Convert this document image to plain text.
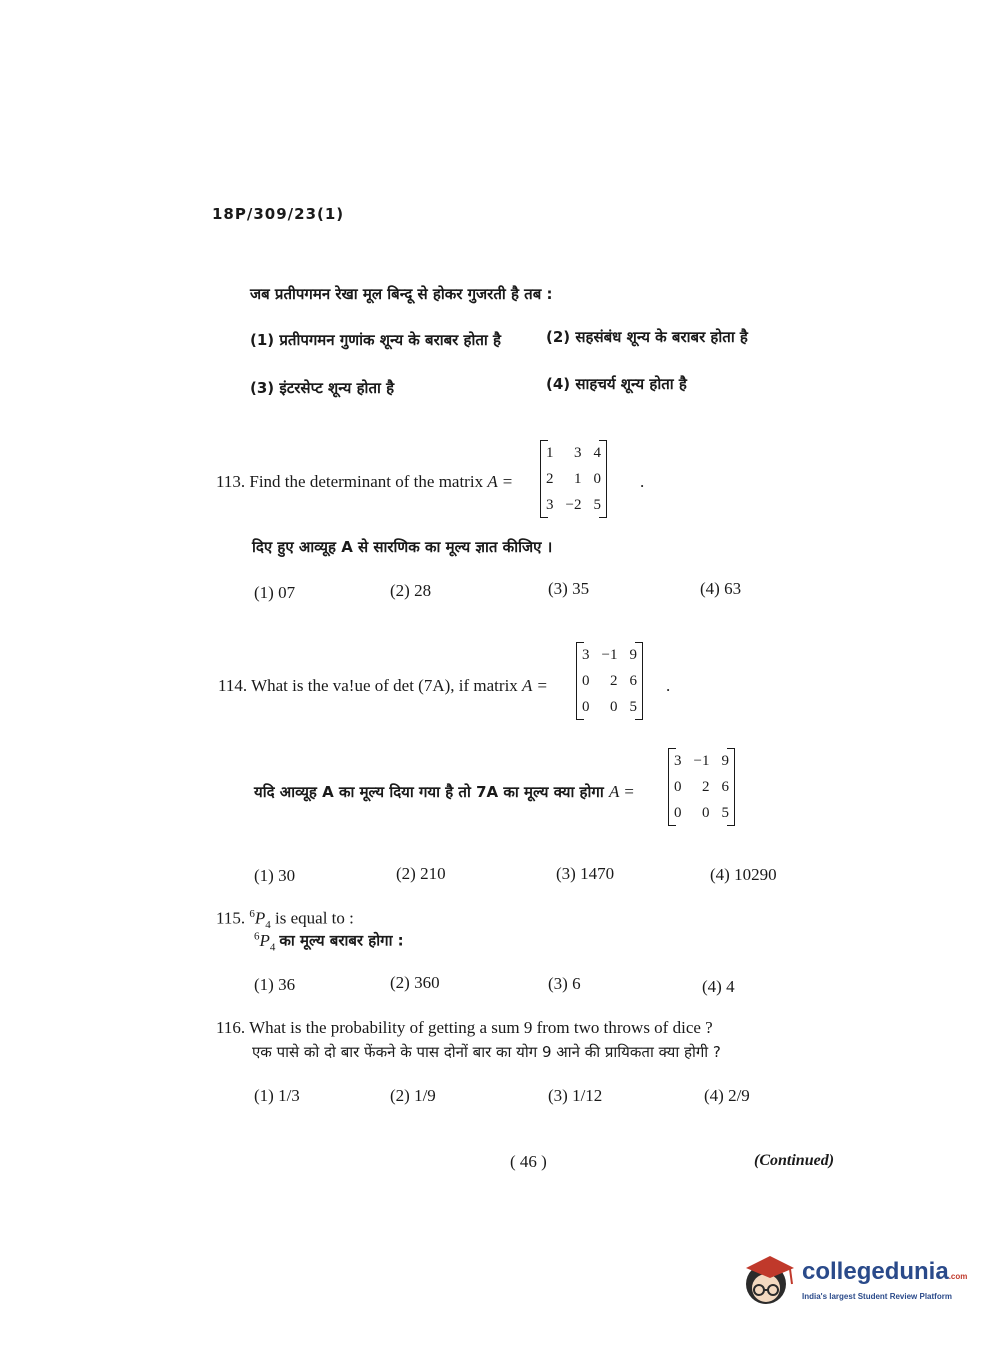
18P/309/23(1)
जब प्रतीपगमन रेखा मूल बिन्दू से होकर गुजरती है तब :
(1) प्रतीपगमन गुणांक शून्य के बराबर होता है	(2) सहसंबंध शून्य के बराबर होता है
(3) इंटरसेप्ट शून्य होता है	(4) साहचर्य शून्य होता है
113. Find the determinant of the matrix A =
1	3	4
2	1	0
3	−2	5
.
दिए हुए आव्यूह A से सारणिक का मूल्य ज्ञात कीजिए ।
(1) 07	(2) 28	(3) 35	(4) 63
114. What is the va!ue of det (7A), if matrix A =
3	−1	9
0	2	6
0	0	5
.
यदि आव्यूह A का मूल्य दिया गया है तो 7A का मूल्य क्या होगा A =
3	−1	9
0	2	6
0	0	5
(1) 30	(2) 210	(3) 1470	(4) 10290
115. $^6P_4$ is equal to :
$^6P_4$ का मूल्य बराबर होगा :
(1) 36	(2) 360	(3) 6	(4) 4
116. What is the probability of getting a sum 9 from two throws of dice ?
एक पासे को दो बार फेंकने के पास दोनों बार का योग 9 आने की प्रायिकता क्या होगी ?
(1) 1/3	(2) 1/9	(3) 1/12	(4) 2/9
( 46 )	(Continued)
collegedunia.com
India's largest Student Review Platform
